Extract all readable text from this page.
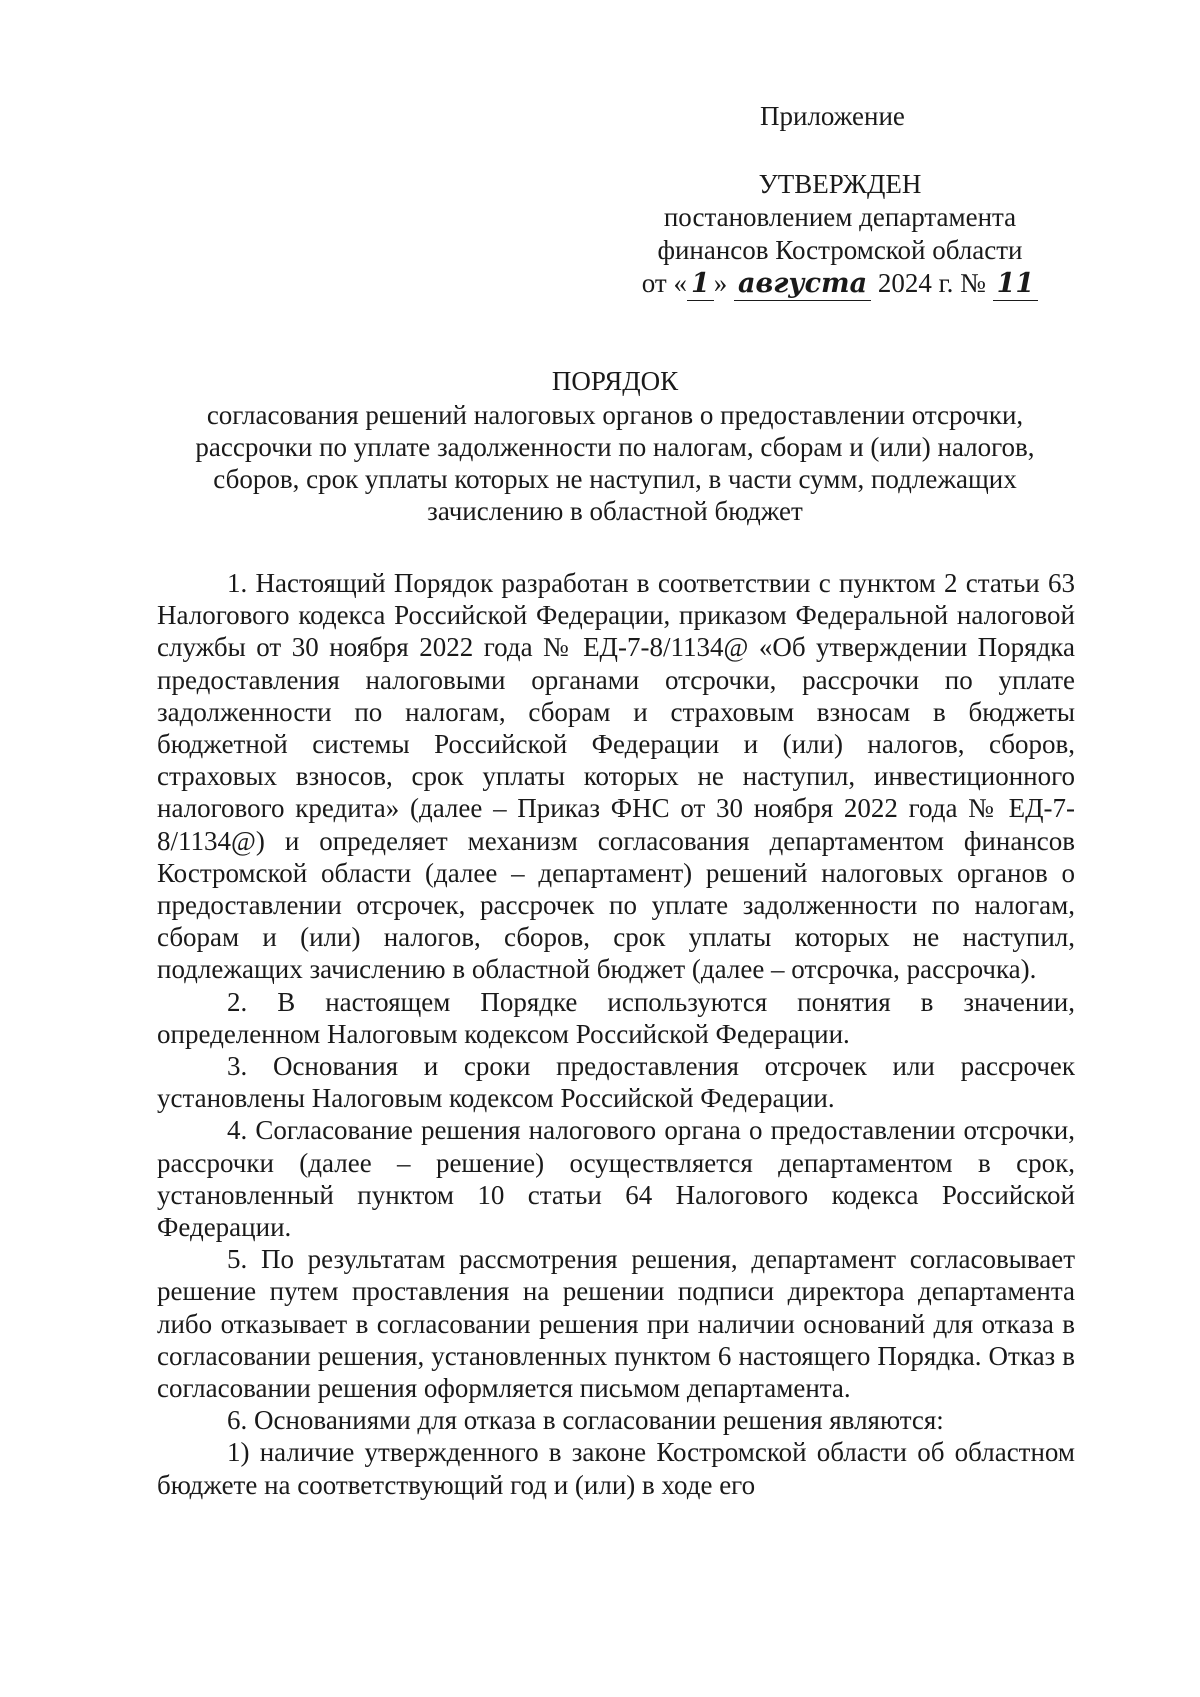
Приложение
УТВЕРЖДЕН
постановлением департамента
финансов Костромской области
от « 1 » августа 2024 г. № 11
ПОРЯДОК
согласования решений налоговых органов о предоставлении отсрочки, рассрочки по уплате задолженности по налогам, сборам и (или) налогов, сборов, срок уплаты которых не наступил, в части сумм, подлежащих зачислению в областной бюджет

1. Настоящий Порядок разработан в соответствии с пунктом 2 статьи 63 Налогового кодекса Российской Федерации, приказом Федеральной налоговой службы от 30 ноября 2022 года № ЕД-7-8/1134@ «Об утверждении Порядка предоставления налоговыми органами отсрочки, рассрочки по уплате задолженности по налогам, сборам и страховым взносам в бюджеты бюджетной системы Российской Федерации и (или) налогов, сборов, страховых взносов, срок уплаты которых не наступил, инвестиционного налогового кредита» (далее – Приказ ФНС от 30 ноября 2022 года № ЕД-7-8/1134@) и определяет механизм согласования департаментом финансов Костромской области (далее – департамент) решений налоговых органов о предоставлении отсрочек, рассрочек по уплате задолженности по налогам, сборам и (или) налогов, сборов, срок уплаты которых не наступил, подлежащих зачислению в областной бюджет (далее – отсрочка, рассрочка).

2. В настоящем Порядке используются понятия в значении, определенном Налоговым кодексом Российской Федерации.

3. Основания и сроки предоставления отсрочек или рассрочек установлены Налоговым кодексом Российской Федерации.

4. Согласование решения налогового органа о предоставлении отсрочки, рассрочки (далее – решение) осуществляется департаментом в срок, установленный пунктом 10 статьи 64 Налогового кодекса Российской Федерации.

5. По результатам рассмотрения решения, департамент согласовывает решение путем проставления на решении подписи директора департамента либо отказывает в согласовании решения при наличии оснований для отказа в согласовании решения, установленных пунктом 6 настоящего Порядка. Отказ в согласовании решения оформляется письмом департамента.

6. Основаниями для отказа в согласовании решения являются:

1) наличие утвержденного в законе Костромской области об областном бюджете на соответствующий год и (или) в ходе его
